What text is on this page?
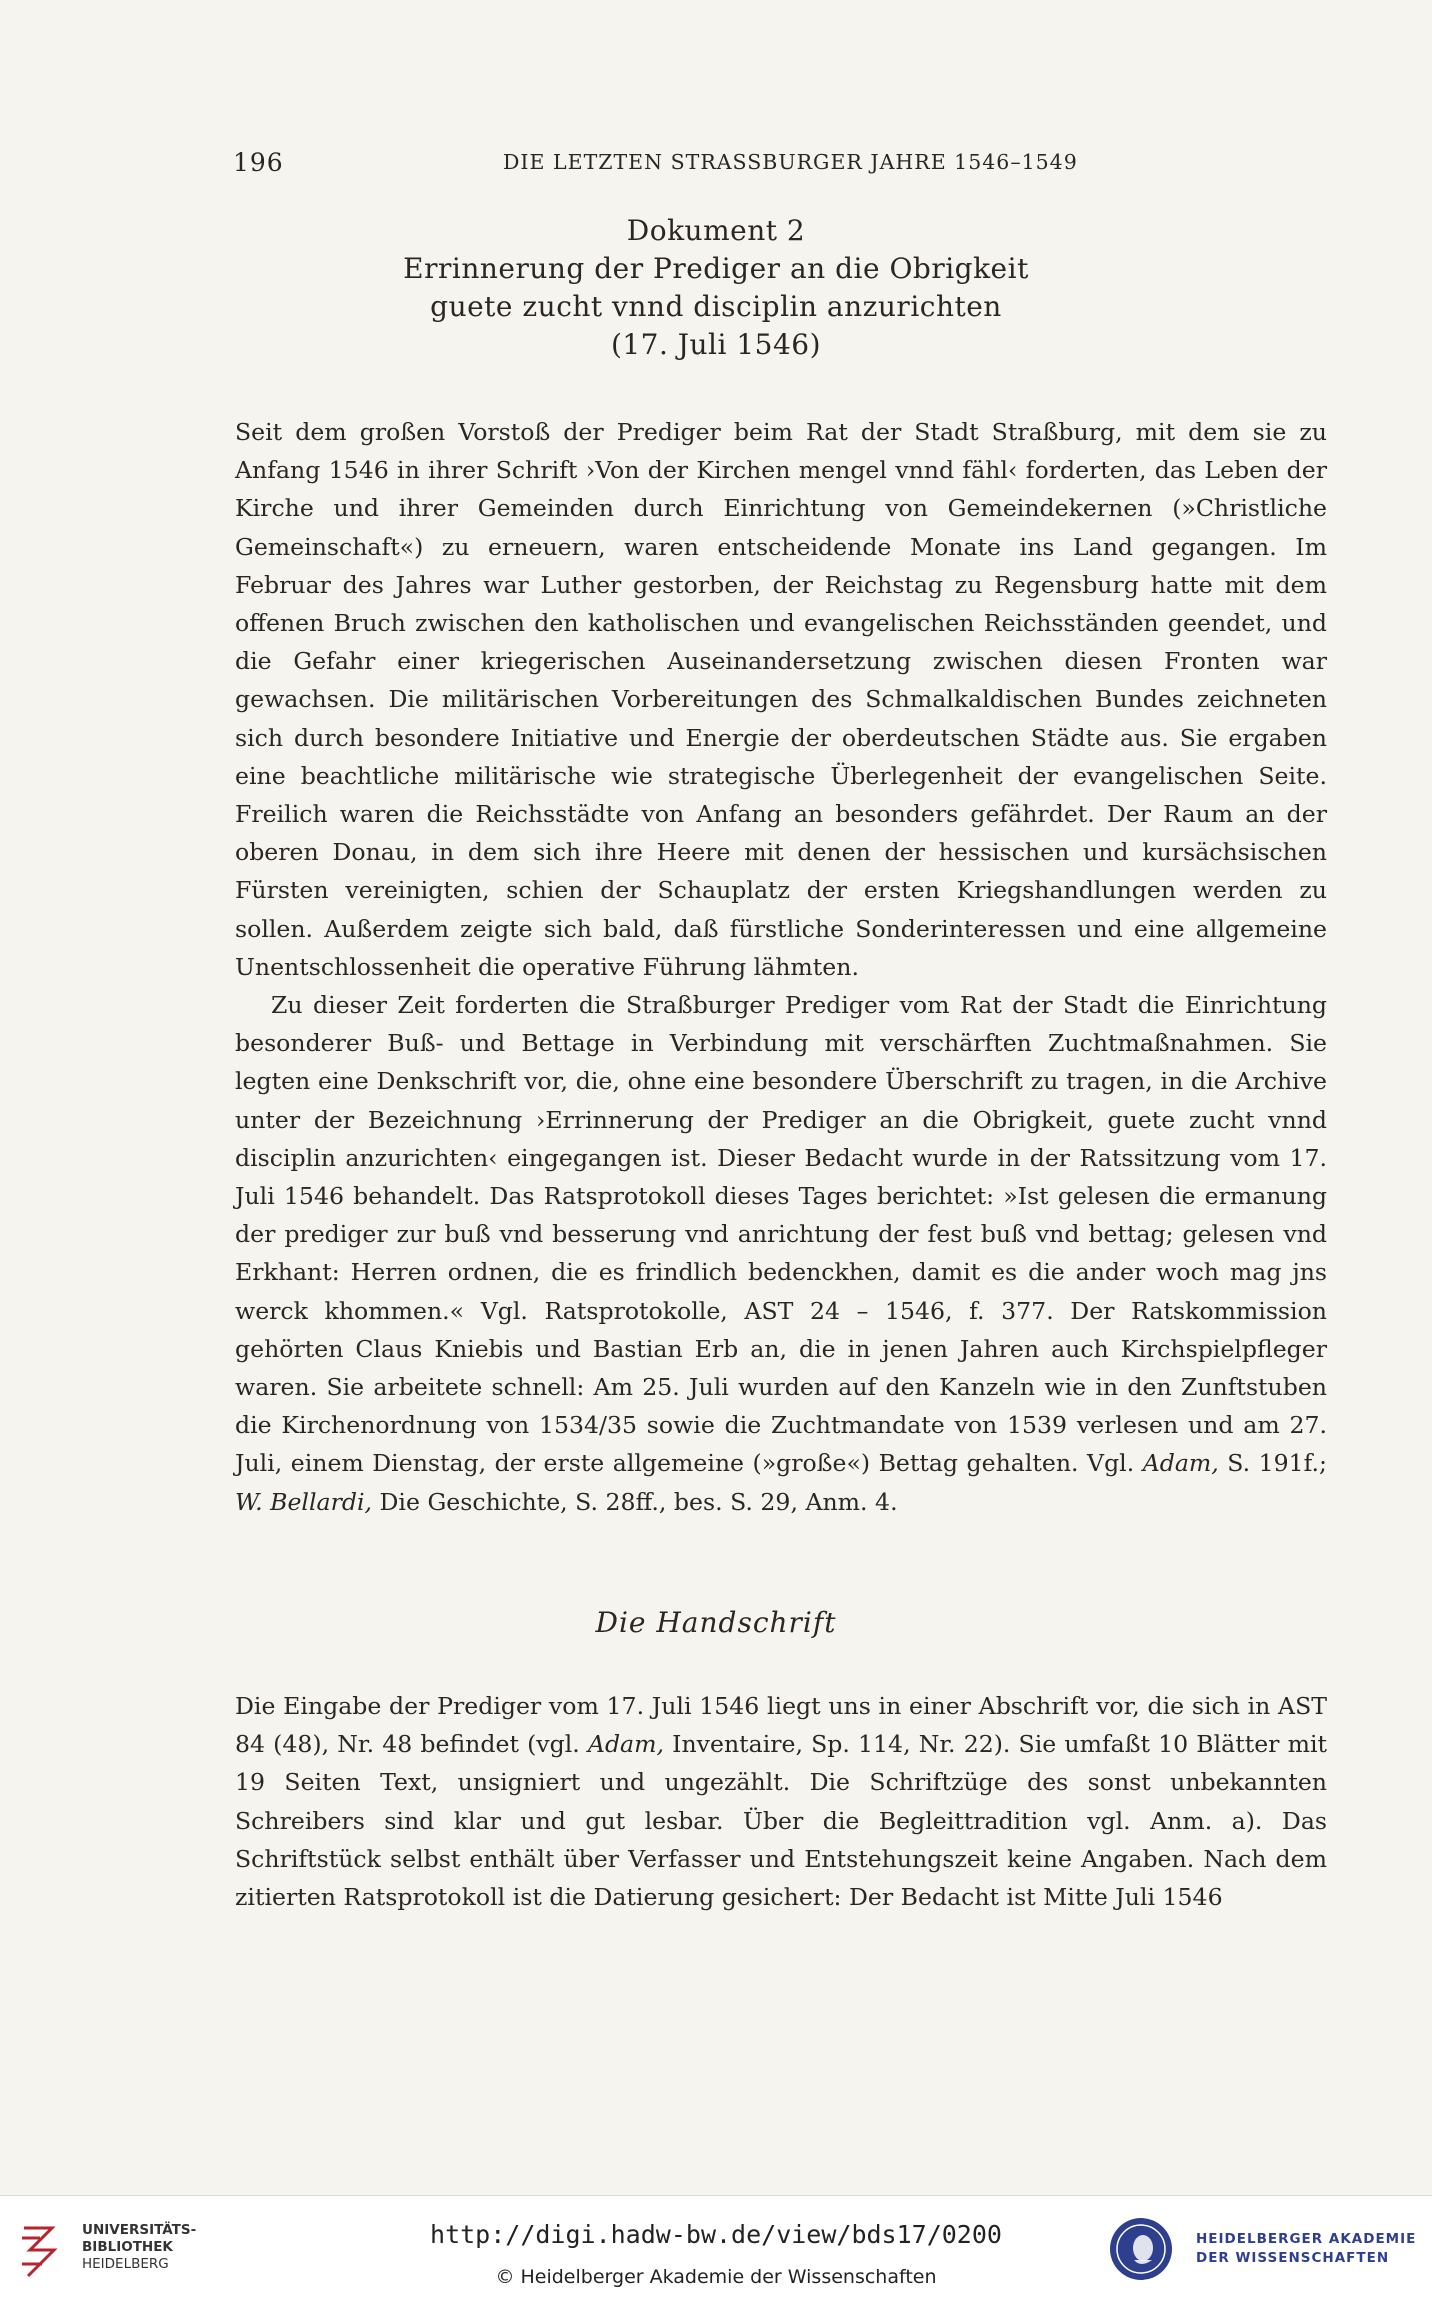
196	DIE LETZTEN STRASSBURGER JAHRE 1546–1549
Dokument 2
Errinnerung der Prediger an die Obrigkeit
guete zucht vnnd disciplin anzurichten
(17. Juli 1546)

Seit dem großen Vorstoß der Prediger beim Rat der Stadt Straßburg, mit dem sie zu Anfang 1546 in ihrer Schrift ›Von der Kirchen mengel vnnd fähl‹ forderten, das Leben der Kirche und ihrer Gemeinden durch Einrichtung von Gemeindekernen (»Christliche Gemeinschaft«) zu erneuern, waren entscheidende Monate ins Land gegangen. Im Februar des Jahres war Luther gestorben, der Reichstag zu Regensburg hatte mit dem offenen Bruch zwischen den katholischen und evangelischen Reichsständen geendet, und die Gefahr einer kriegerischen Auseinandersetzung zwischen diesen Fronten war gewachsen. Die militärischen Vorbereitungen des Schmalkaldischen Bundes zeichneten sich durch besondere Initiative und Energie der oberdeutschen Städte aus. Sie ergaben eine beachtliche militärische wie strategische Überlegenheit der evangelischen Seite. Freilich waren die Reichsstädte von Anfang an besonders gefährdet. Der Raum an der oberen Donau, in dem sich ihre Heere mit denen der hessischen und kursächsischen Fürsten vereinigten, schien der Schauplatz der ersten Kriegshandlungen werden zu sollen. Außerdem zeigte sich bald, daß fürstliche Sonderinteressen und eine allgemeine Unentschlossenheit die operative Führung lähmten.

Zu dieser Zeit forderten die Straßburger Prediger vom Rat der Stadt die Einrichtung besonderer Buß- und Bettage in Verbindung mit verschärften Zuchtmaßnahmen. Sie legten eine Denkschrift vor, die, ohne eine besondere Überschrift zu tragen, in die Archive unter der Bezeichnung ›Errinnerung der Prediger an die Obrigkeit, guete zucht vnnd disciplin anzurichten‹ eingegangen ist. Dieser Bedacht wurde in der Ratssitzung vom 17. Juli 1546 behandelt. Das Ratsprotokoll dieses Tages berichtet: »Ist gelesen die ermanung der prediger zur buß vnd besserung vnd anrichtung der fest buß vnd bettag; gelesen vnd Erkhant: Herren ordnen, die es frindlich bedenckhen, damit es die ander woch mag jns werck khommen.« Vgl. Ratsprotokolle, AST 24 – 1546, f. 377. Der Ratskommission gehörten Claus Kniebis und Bastian Erb an, die in jenen Jahren auch Kirchspielpfleger waren. Sie arbeitete schnell: Am 25. Juli wurden auf den Kanzeln wie in den Zunftstuben die Kirchenordnung von 1534/35 sowie die Zuchtmandate von 1539 verlesen und am 27. Juli, einem Dienstag, der erste allgemeine (»große«) Bettag gehalten. Vgl. Adam, S. 191f.; W. Bellardi, Die Geschichte, S. 28ff., bes. S. 29, Anm. 4.

Die Handschrift

Die Eingabe der Prediger vom 17. Juli 1546 liegt uns in einer Abschrift vor, die sich in AST 84 (48), Nr. 48 befindet (vgl. Adam, Inventaire, Sp. 114, Nr. 22). Sie umfaßt 10 Blätter mit 19 Seiten Text, unsigniert und ungezählt. Die Schriftzüge des sonst unbekannten Schreibers sind klar und gut lesbar. Über die Begleittradition vgl. Anm. a). Das Schriftstück selbst enthält über Verfasser und Entstehungszeit keine Angaben. Nach dem zitierten Ratsprotokoll ist die Datierung gesichert: Der Bedacht ist Mitte Juli 1546

UNIVERSITÄTS-
BIBLIOTHEK
HEIDELBERG
http://digi.hadw-bw.de/view/bds17/0200
© Heidelberger Akademie der Wissenschaften
HEIDELBERGER AKADEMIE
DER WISSENSCHAFTEN
